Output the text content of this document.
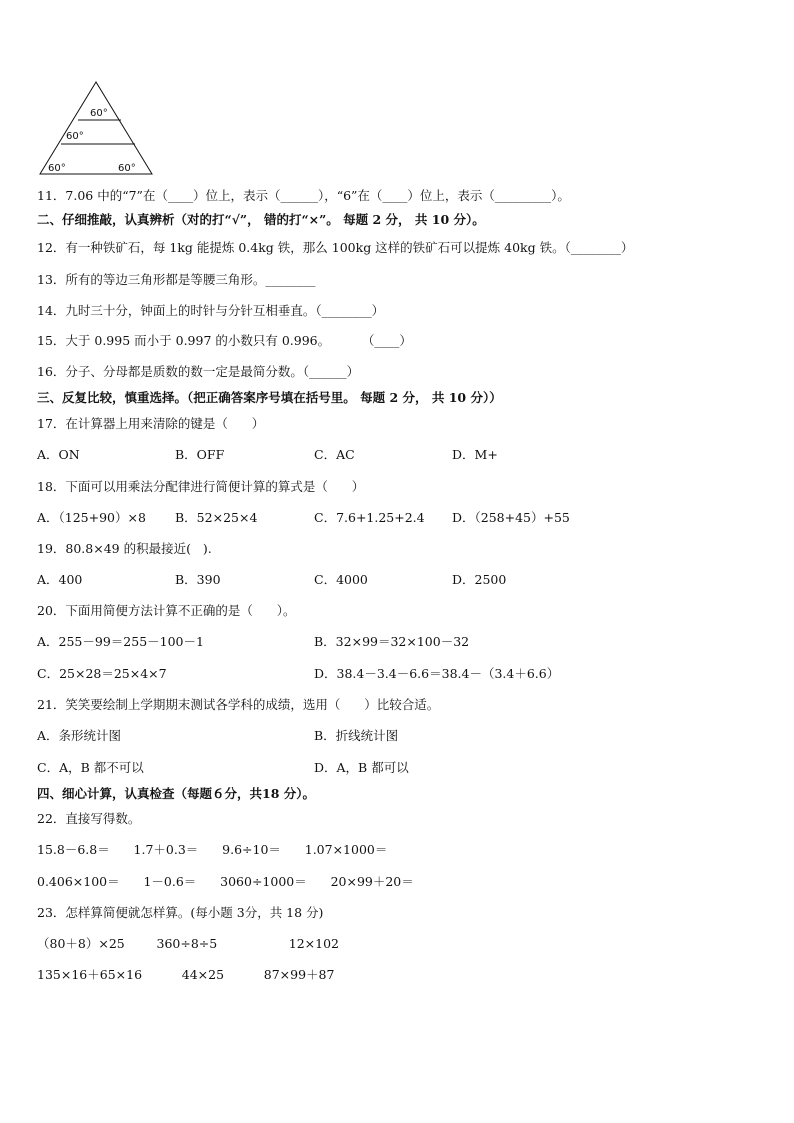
60°
60°
60°	60°
11．7.06 中的“7”在（____）位上，表示（______），“6”在（____）位上，表示（_________）。
二、仔细推敲，认真辨析（对的打“√”， 错的打“×”。 每题 2 分， 共 10 分）。
12．有一种铁矿石，每 1kg 能提炼 0.4kg 铁，那么 100kg 这样的铁矿石可以提炼 40kg 铁。（________）
13．所有的等边三角形都是等腰三角形。________
14．九时三十分，钟面上的时针与分针互相垂直。（________）
15．大于 0.995 而小于 0.997 的小数只有 0.996。        （____）
16．分子、分母都是质数的数一定是最简分数。（______）
三、反复比较，慎重选择。（把正确答案序号填在括号里。 每题 2 分， 共 10 分））
17．在计算器上用来清除的键是（      ）
A．ON	B．OFF	C．AC	D．M+
18．下面可以用乘法分配律进行简便计算的算式是（      ）
A．（125+90）×8 B．52×25×4	C．7.6+1.25+2.4 D．（258+45）+55
19．80.8×49 的积最接近(   ).
A．400	B．390	C．4000	D．2500
20．下面用简便方法计算不正确的是（      ）。
A．255－99＝255－100－1	B．32×99＝32×100－32
C．25×28＝25×4×7	D．38.4－3.4－6.6＝38.4－（3.4＋6.6）
21．笑笑要绘制上学期期末测试各学科的成绩，选用（      ）比较合适。
A．条形统计图	B．折线统计图
C．A，B 都不可以	D．A，B 都可以
四、细心计算，认真检查（每题６分，共18 分）。
22．直接写得数。
15.8－6.8＝      1.7＋0.3＝      9.6÷10＝      1.07×1000＝
0.406×100＝      1－0.6＝      3060÷1000＝      20×99＋20＝
23．怎样算简便就怎样算。(每小题 3分，共 18 分)
（80＋8）×25        360÷8÷5                  12×102
135×16＋65×16          44×25          87×99＋87
